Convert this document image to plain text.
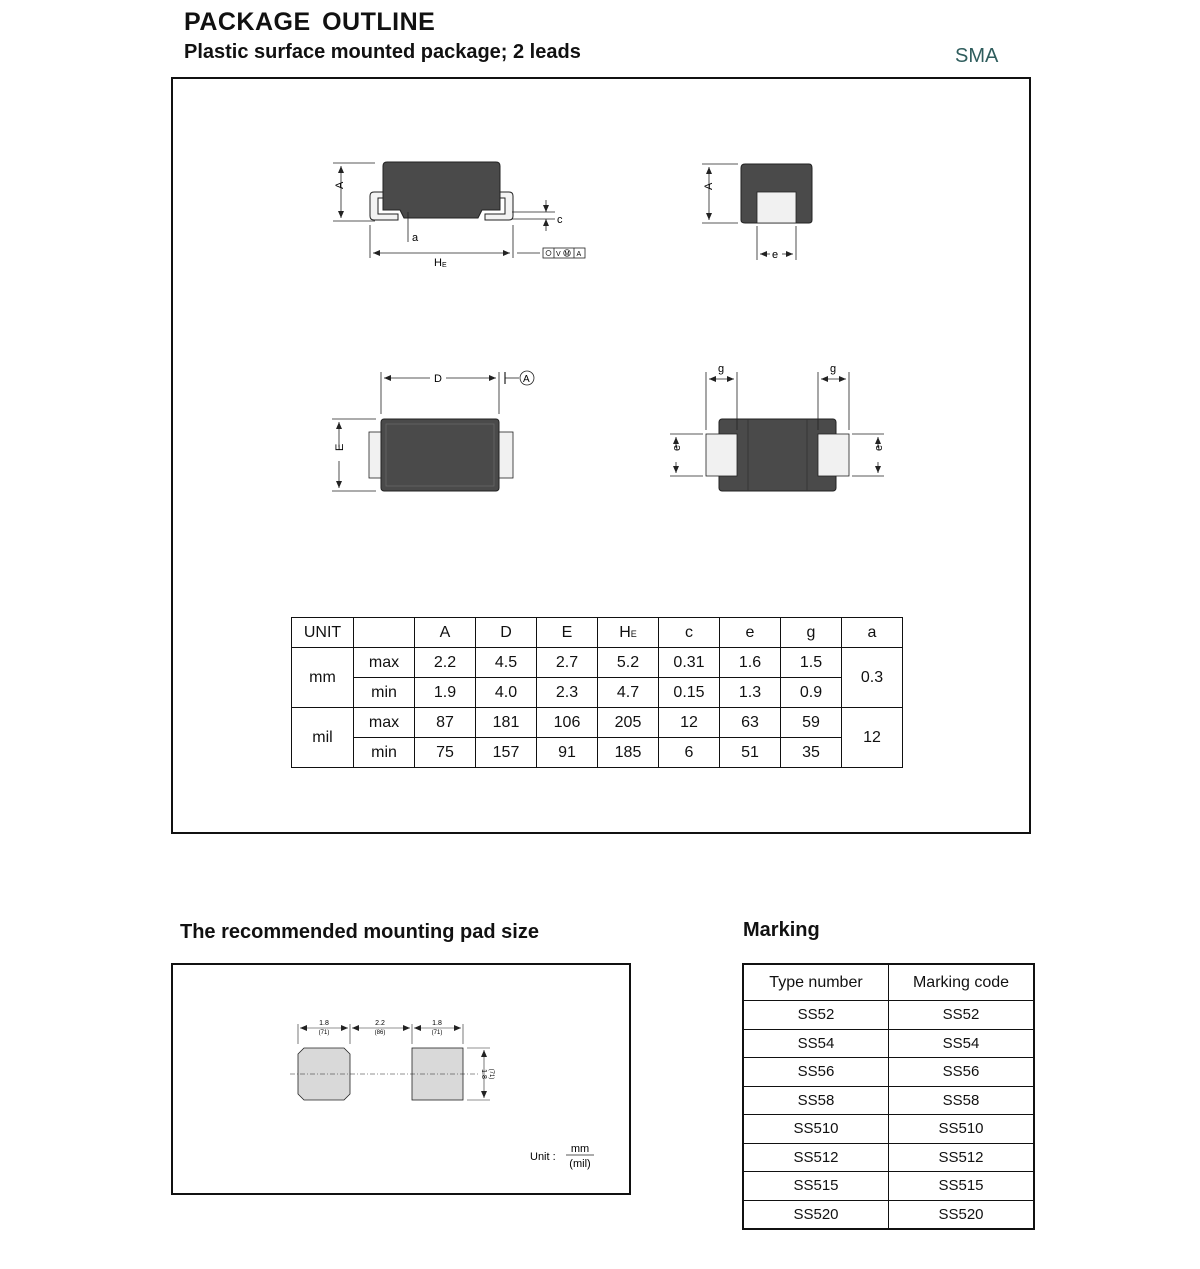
PACKAGE OUTLINE
Plastic surface mounted package; 2 leads	SMA
A
a
c
HE
V M A
A
e
D	A
E
g	g
e	e
UNIT		A	D	E	HE	c	e	g	a
mm	max	2.2	4.5	2.7	5.2	0.31	1.6	1.5	0.3
	min	1.9	4.0	2.3	4.7	0.15	1.3	0.9	
mil	max	87	181	106	205	12	63	59	12
	min	75	157	91	185	6	51	35	
The recommended mounting pad size
1.8
(71)
2.2
(86)
1.8
(71)
1.8 (71)
Unit :
mm
(mil)
Marking
Type number	Marking code
SS52	SS52
SS54	SS54
SS56	SS56
SS58	SS58
SS510	SS510
SS512	SS512
SS515	SS515
SS520	SS520
